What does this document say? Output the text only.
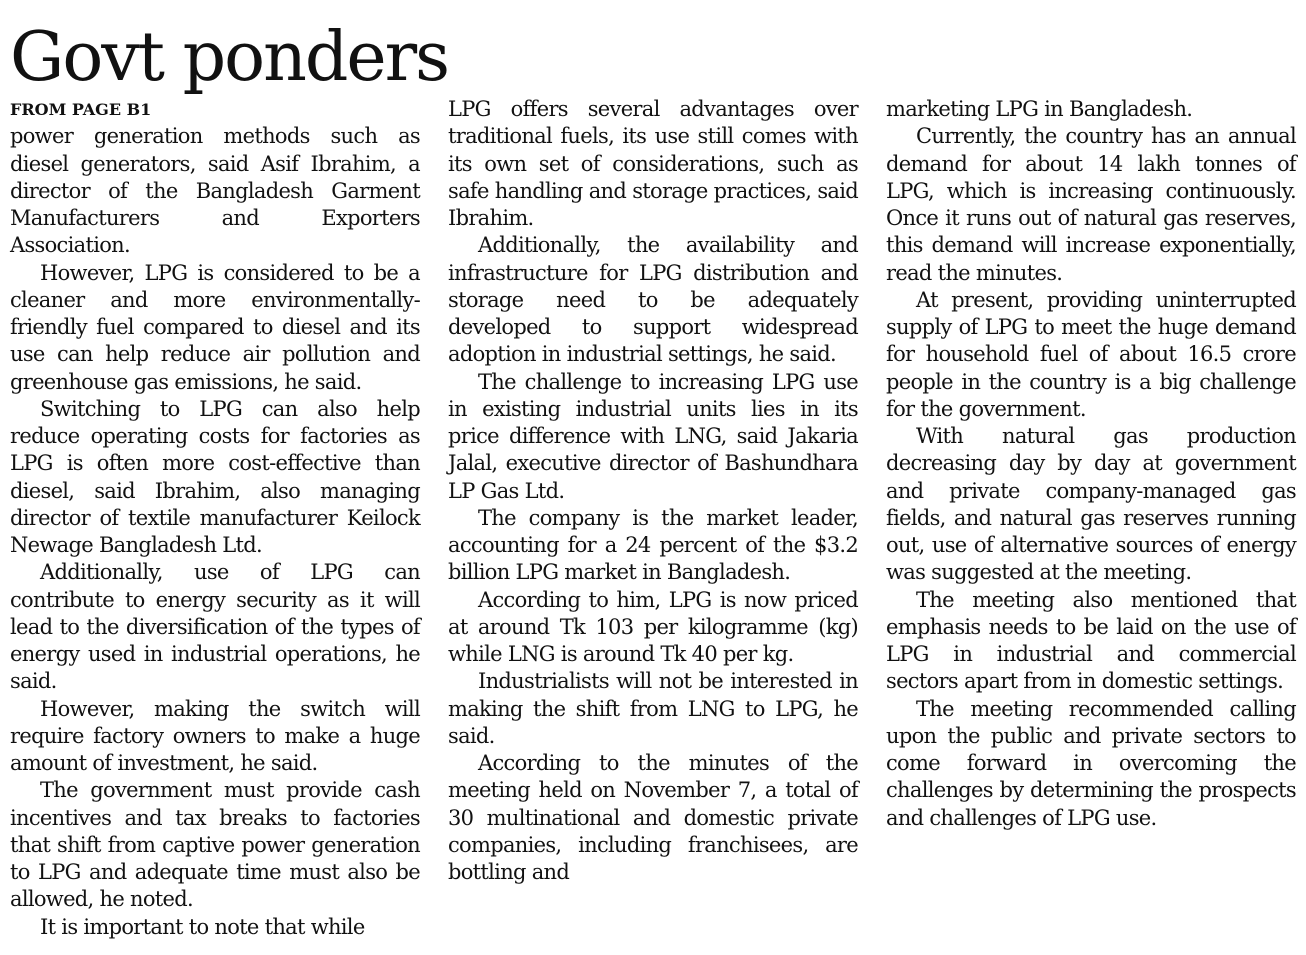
Govt ponders
FROM PAGE B1

power generation methods such as diesel generators, said Asif Ibrahim, a director of the Bangladesh Garment Manufacturers and Exporters Association.

However, LPG is considered to be a cleaner and more environmentally-friendly fuel compared to diesel and its use can help reduce air pollution and greenhouse gas emissions, he said.

Switching to LPG can also help reduce operating costs for factories as LPG is often more cost-effective than diesel, said Ibrahim, also managing director of textile manufacturer Keilock Newage Bangladesh Ltd.

Additionally, use of LPG can contribute to energy security as it will lead to the diversification of the types of energy used in industrial operations, he said.

However, making the switch will require factory owners to make a huge amount of investment, he said.

The government must provide cash incentives and tax breaks to factories that shift from captive power generation to LPG and adequate time must also be allowed, he noted.

It is important to note that while

LPG offers several advantages over traditional fuels, its use still comes with its own set of considerations, such as safe handling and storage practices, said Ibrahim.

Additionally, the availability and infrastructure for LPG distribution and storage need to be adequately developed to support widespread adoption in industrial settings, he said.

The challenge to increasing LPG use in existing industrial units lies in its price difference with LNG, said Jakaria Jalal, executive director of Bashundhara LP Gas Ltd.

The company is the market leader, accounting for a 24 percent of the $3.2 billion LPG market in Bangladesh.

According to him, LPG is now priced at around Tk 103 per kilogramme (kg) while LNG is around Tk 40 per kg.

Industrialists will not be interested in making the shift from LNG to LPG, he said.

According to the minutes of the meeting held on November 7, a total of 30 multinational and domestic private companies, including franchisees, are bottling and

marketing LPG in Bangladesh.

Currently, the country has an annual demand for about 14 lakh tonnes of LPG, which is increasing continuously. Once it runs out of natural gas reserves, this demand will increase exponentially, read the minutes.

At present, providing uninterrupted supply of LPG to meet the huge demand for household fuel of about 16.5 crore people in the country is a big challenge for the government.

With natural gas production decreasing day by day at government and private company-managed gas fields, and natural gas reserves running out, use of alternative sources of energy was suggested at the meeting.

The meeting also mentioned that emphasis needs to be laid on the use of LPG in industrial and commercial sectors apart from in domestic settings.

The meeting recommended calling upon the public and private sectors to come forward in overcoming the challenges by determining the prospects and challenges of LPG use.
